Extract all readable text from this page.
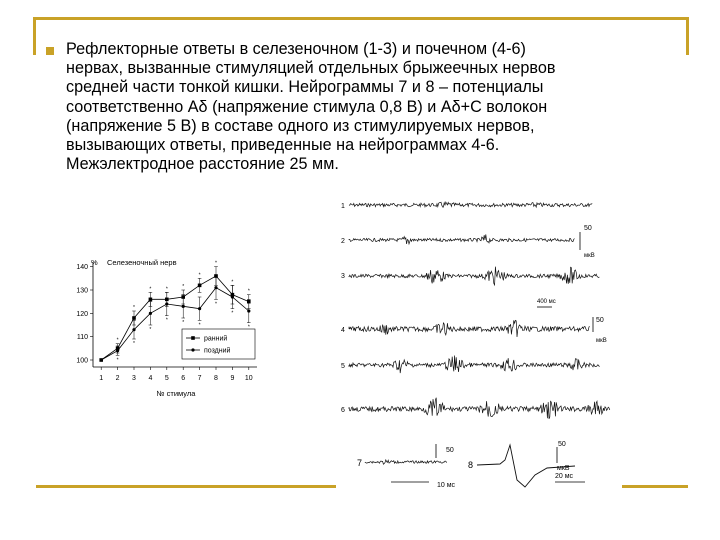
Рефлекторные ответы в селезеночном (1-3) и почечном (4-6)
нервах, вызванные стимуляцией отдельных брыжеечных нервов
средней части тонкой кишки. Нейрограммы 7 и 8 – потенциалы
соответственно Аδ (напряжение стимула 0,8 В) и Аδ+С волокон
(напряжение 5 В) в составе одного из стимулируемых нервов,
вызывающих ответы, приведенные на нейрограммах 4-6.
Межэлектродное расстояние 25 мм.
% Селезеночный нерв
100
110
120
130
140
1 2 3 4 5 6 7 8 9 10
*
*
*	*	*
*
*
*
*
*
*
*
*	*	*
*
*
*
ранний
поздний
№ стимула
1
2
3
4
5
6
7	8
50
мкВ
400 мс
50
мкВ
50
10 мс
50
мкВ
20 мс
